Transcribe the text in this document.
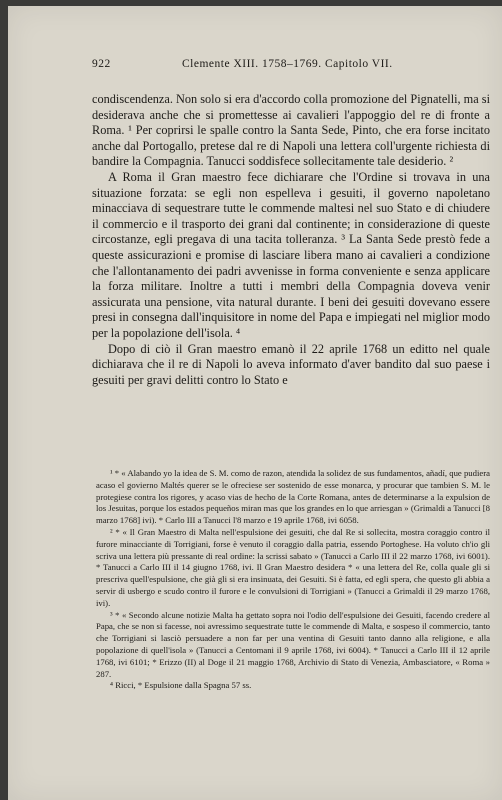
922	Clemente XIII. 1758–1769. Capitolo VII.

condiscendenza. Non solo si era d'accordo colla promozione del Pignatelli, ma si desiderava anche che si promettesse ai cavalieri l'appoggio del re di fronte a Roma. ¹ Per coprirsi le spalle contro la Santa Sede, Pinto, che era forse incitato anche dal Portogallo, pretese dal re di Napoli una lettera coll'urgente richiesta di bandire la Compagnia. Tanucci soddisfece sollecitamente tale desiderio. ²

A Roma il Gran maestro fece dichiarare che l'Ordine si trovava in una situazione forzata: se egli non espelleva i gesuiti, il governo napoletano minacciava di sequestrare tutte le commende maltesi nel suo Stato e di chiudere il commercio e il trasporto dei grani dal continente; in considerazione di queste circostanze, egli pregava di una tacita tolleranza. ³ La Santa Sede prestò fede a queste assicurazioni e promise di lasciare libera mano ai cavalieri a condizione che l'allontanamento dei padri avvenisse in forma conveniente e senza applicare la forza militare. Inoltre a tutti i membri della Compagnia doveva venir assicurata una pensione, vita natural durante. I beni dei gesuiti dovevano essere presi in consegna dall'inquisitore in nome del Papa e impiegati nel miglior modo per la popolazione dell'isola. ⁴

Dopo di ciò il Gran maestro emanò il 22 aprile 1768 un editto nel quale dichiarava che il re di Napoli lo aveva informato d'aver bandito dal suo paese i gesuiti per gravi delitti contro lo Stato e

¹ * « Alabando yo la idea de S. M. como de razon, atendida la solidez de sus fundamentos, añadí, que pudiera acaso el govierno Maltés querer se le ofreciese ser sostenido de esse monarca, y procurar que tambien S. M. le protegiese contra los rigores, y acaso vias de hecho de la Corte Romana, antes de determinarse a la expulsion de los Jesuitas, porque los estados pequeños miran mas que los grandes en lo que arriesgan » (Grimaldi a Tanucci [8 marzo 1768] ivi). * Carlo III a Tanucci l'8 marzo e 19 aprile 1768, ivi 6058.

² * « Il Gran Maestro di Malta nell'espulsione dei gesuiti, che dal Re si sollecita, mostra coraggio contro il furore minacciante di Torrigiani, forse è venuto il coraggio dalla patria, essendo Portoghese. Ha voluto ch'io gli scriva una lettera più pressante di real ordine: la scrissi sabato » (Tanucci a Carlo III il 22 marzo 1768, ivi 6001). * Tanucci a Carlo III il 14 giugno 1768, ivi. Il Gran Maestro desidera * « una lettera del Re, colla quale gli si prescriva quell'espulsione, che già gli si era insinuata, dei Gesuiti. Si è fatta, ed egli spera, che questo gli abbia a servir di usbergo e scudo contro il furore e le convulsioni di Torrigiani » (Tanucci a Grimaldi il 29 marzo 1768, ivi).

³ * « Secondo alcune notizie Malta ha gettato sopra noi l'odio dell'espulsione dei Gesuiti, facendo credere al Papa, che se non si facesse, noi avressimo sequestrate tutte le commende di Malta, e sospeso il commercio, tanto che Torrigiani si lasciò persuadere a non far per una ventina di Gesuiti tanto danno alla religione, e alla popolazione di quell'isola » (Tanucci a Centomani il 9 aprile 1768, ivi 6004). * Tanucci a Carlo III il 12 aprile 1768, ivi 6101; * Erizzo (II) al Doge il 21 maggio 1768, Archivio di Stato di Venezia, Ambasciatore, « Roma » 287.

⁴ Ricci, * Espulsione dalla Spagna 57 ss.
